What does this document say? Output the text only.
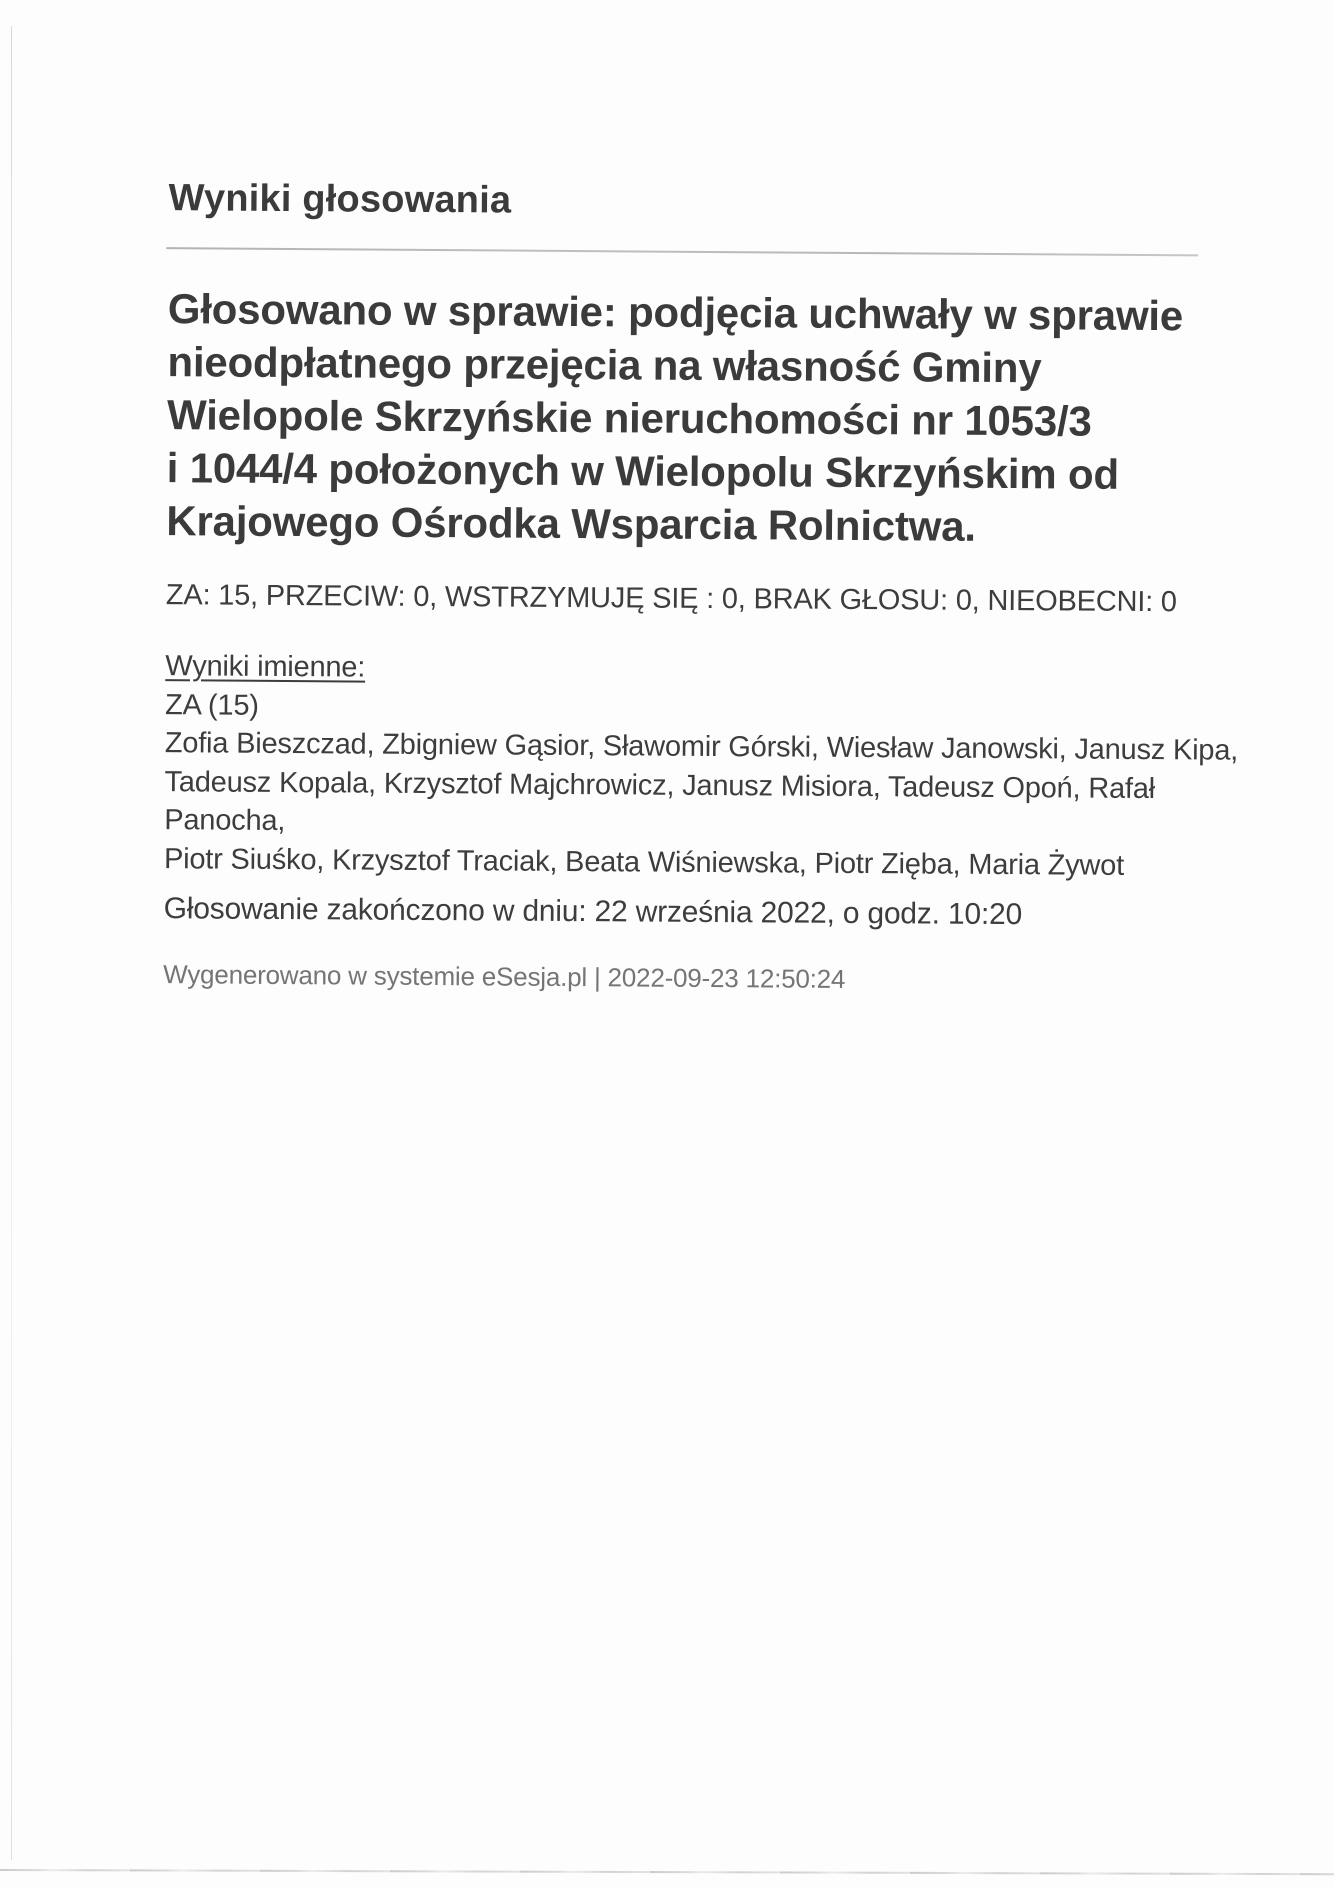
Wyniki głosowania
Głosowano w sprawie: podjęcia uchwały w sprawie
nieodpłatnego przejęcia na własność Gminy
Wielopole Skrzyńskie nieruchomości nr 1053/3
i 1044/4 położonych w Wielopolu Skrzyńskim od
Krajowego Ośrodka Wsparcia Rolnictwa.
ZA: 15, PRZECIW: 0, WSTRZYMUJĘ SIĘ : 0, BRAK GŁOSU: 0, NIEOBECNI: 0
Wyniki imienne:
ZA (15)
Zofia Bieszczad, Zbigniew Gąsior, Sławomir Górski, Wiesław Janowski, Janusz Kipa,
Tadeusz Kopala, Krzysztof Majchrowicz, Janusz Misiora, Tadeusz Opoń, Rafał Panocha,
Piotr Siuśko, Krzysztof Traciak, Beata Wiśniewska, Piotr Zięba, Maria Żywot
Głosowanie zakończono w dniu: 22 września 2022, o godz. 10:20
Wygenerowano w systemie eSesja.pl | 2022-09-23 12:50:24
